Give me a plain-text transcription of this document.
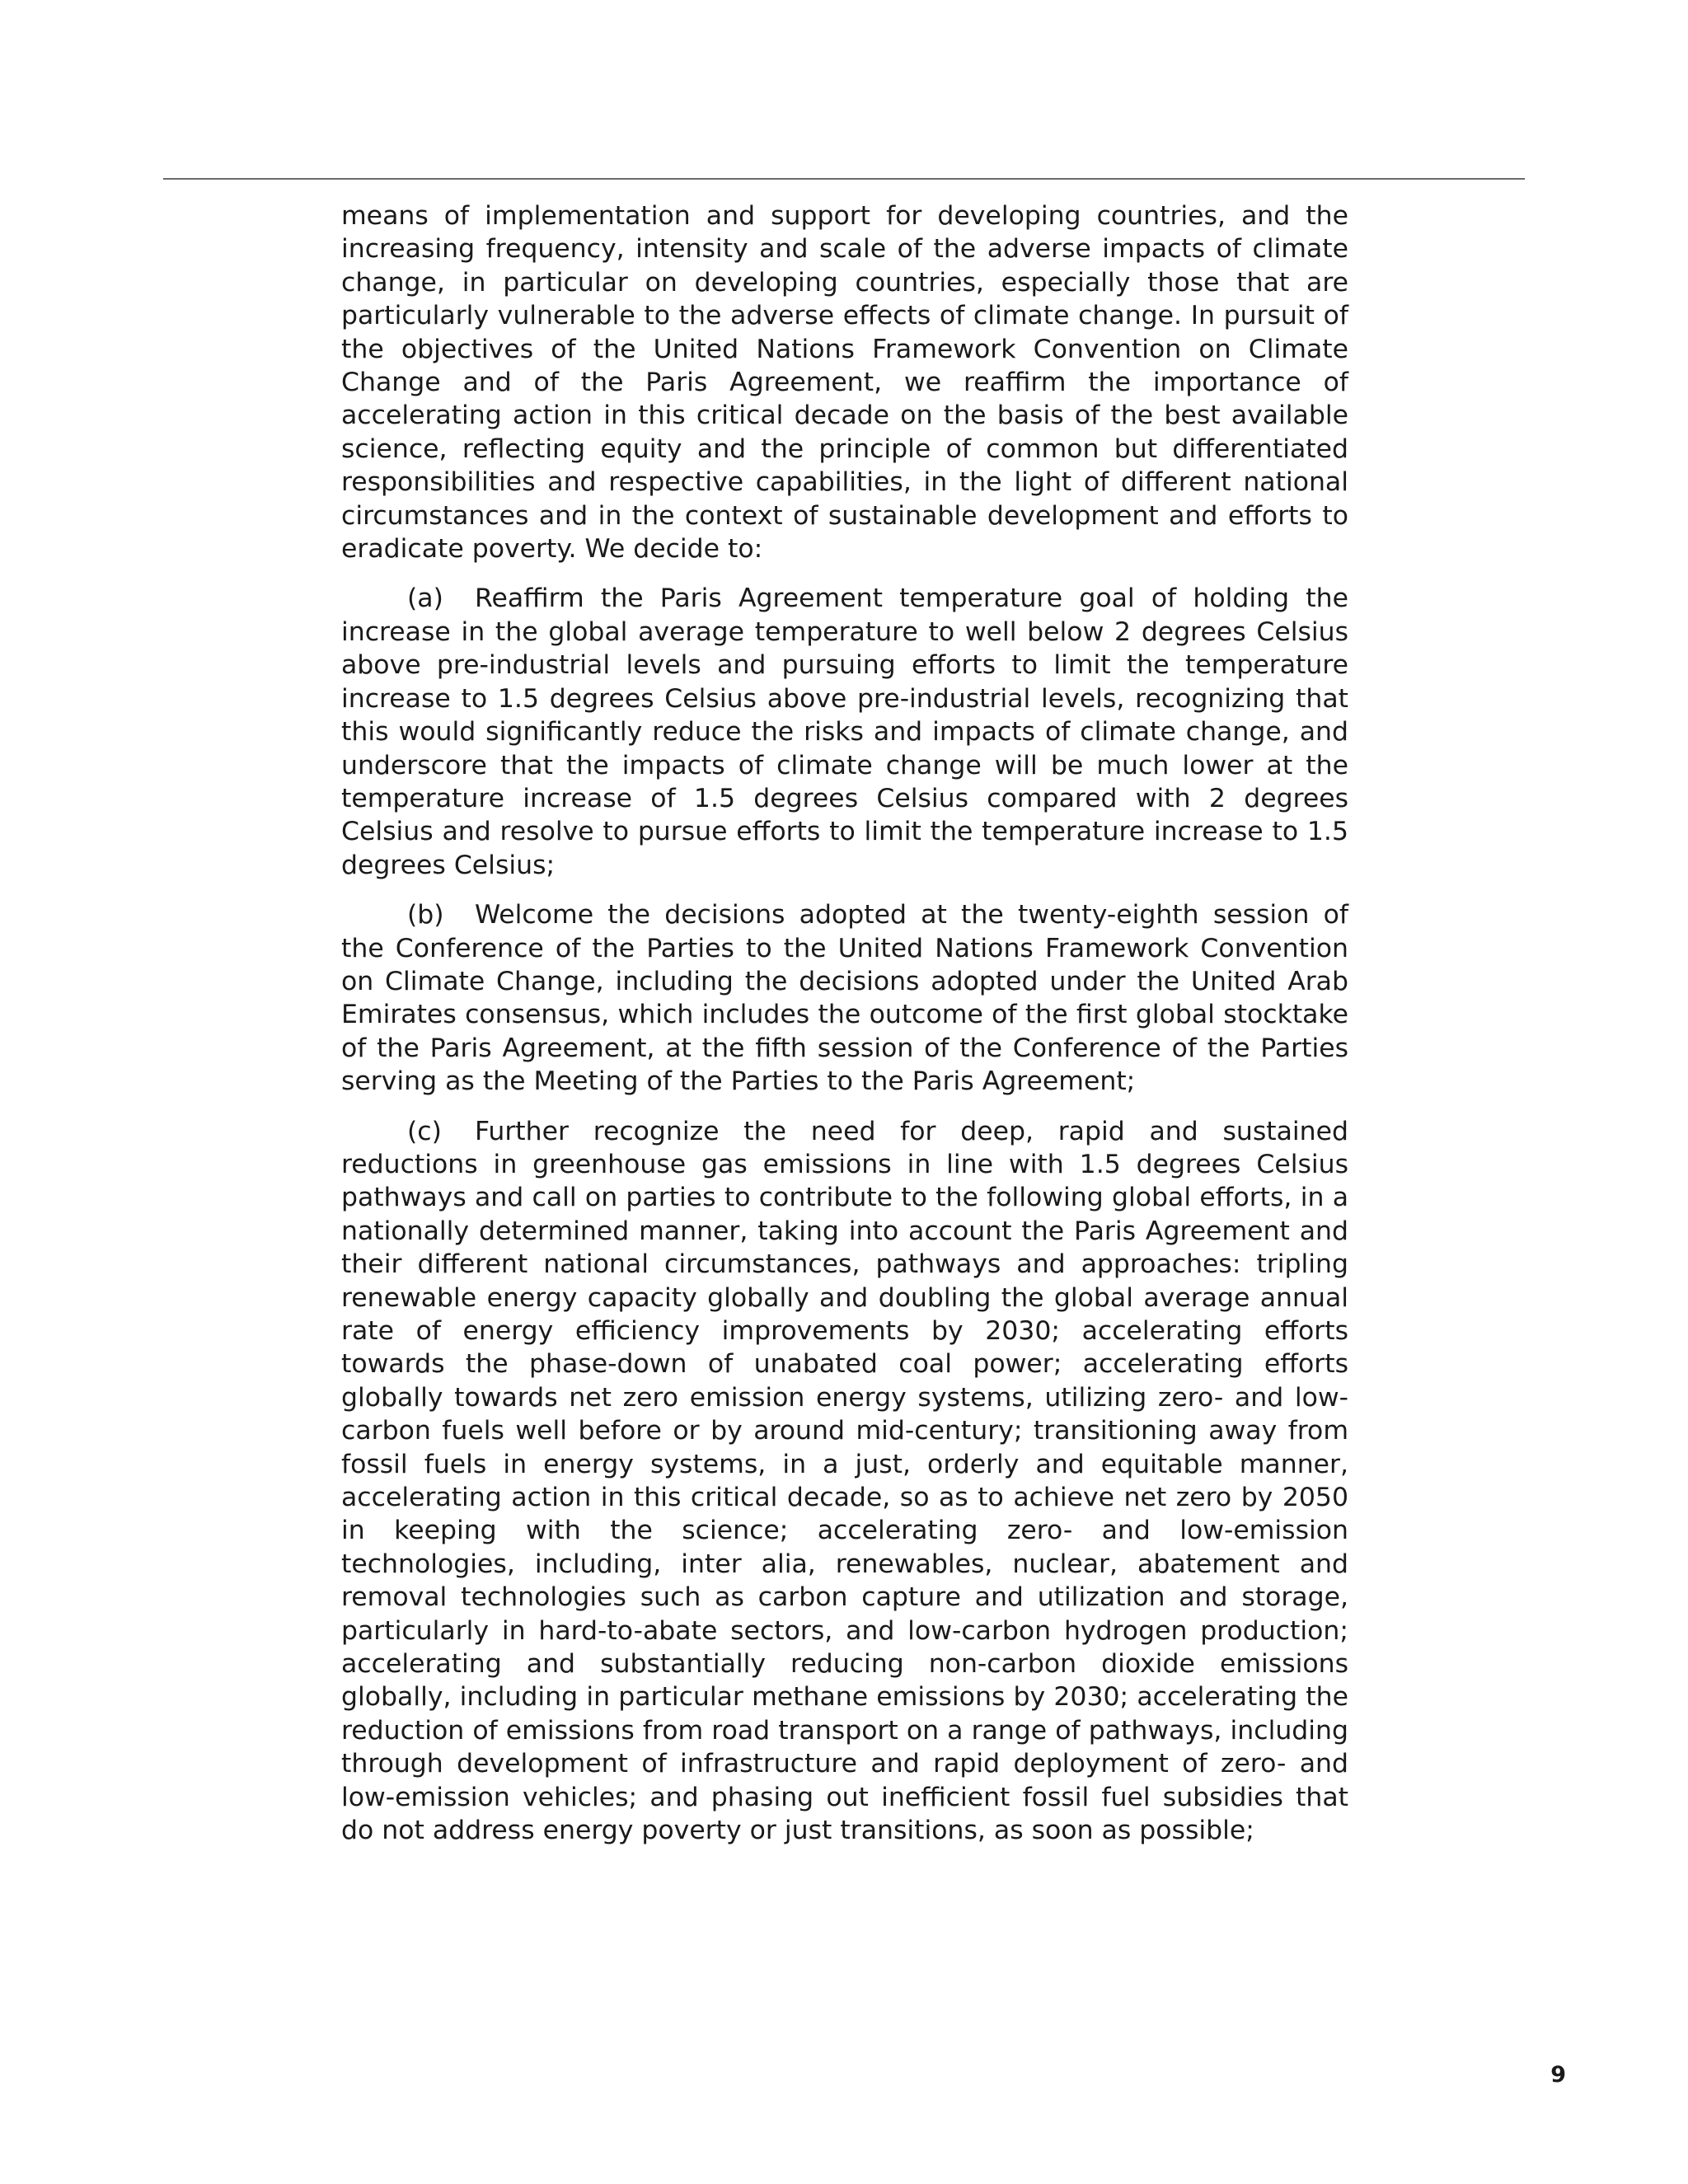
means of implementation and support for developing countries, and the increasing frequency, intensity and scale of the adverse impacts of climate change, in particular on developing countries, especially those that are particularly vulnerable to the adverse effects of climate change. In pursuit of the objectives of the United Nations Framework Convention on Climate Change and of the Paris Agreement, we reaffirm the importance of accelerating action in this critical decade on the basis of the best available science, reflecting equity and the principle of common but differentiated responsibilities and respective capabilities, in the light of different national circumstances and in the context of sustainable development and efforts to eradicate poverty. We decide to:

(a) Reaffirm the Paris Agreement temperature goal of holding the increase in the global average temperature to well below 2 degrees Celsius above pre-industrial levels and pursuing efforts to limit the temperature increase to 1.5 degrees Celsius above pre-industrial levels, recognizing that this would significantly reduce the risks and impacts of climate change, and underscore that the impacts of climate change will be much lower at the temperature increase of 1.5 degrees Celsius compared with 2 degrees Celsius and resolve to pursue efforts to limit the temperature increase to 1.5 degrees Celsius;

(b) Welcome the decisions adopted at the twenty-eighth session of the Conference of the Parties to the United Nations Framework Convention on Climate Change, including the decisions adopted under the United Arab Emirates consensus, which includes the outcome of the first global stocktake of the Paris Agreement, at the fifth session of the Conference of the Parties serving as the Meeting of the Parties to the Paris Agreement;

(c) Further recognize the need for deep, rapid and sustained reductions in greenhouse gas emissions in line with 1.5 degrees Celsius pathways and call on parties to contribute to the following global efforts, in a nationally determined manner, taking into account the Paris Agreement and their different national circumstances, pathways and approaches: tripling renewable energy capacity globally and doubling the global average annual rate of energy efficiency improvements by 2030; accelerating efforts towards the phase-down of unabated coal power; accelerating efforts globally towards net zero emission energy systems, utilizing zero- and low-carbon fuels well before or by around mid-century; transitioning away from fossil fuels in energy systems, in a just, orderly and equitable manner, accelerating action in this critical decade, so as to achieve net zero by 2050 in keeping with the science; accelerating zero- and low-emission technologies, including, inter alia, renewables, nuclear, abatement and removal technologies such as carbon capture and utilization and storage, particularly in hard-to-abate sectors, and low-carbon hydrogen production; accelerating and substantially reducing non-carbon dioxide emissions globally, including in particular methane emissions by 2030; accelerating the reduction of emissions from road transport on a range of pathways, including through development of infrastructure and rapid deployment of zero- and low-emission vehicles; and phasing out inefficient fossil fuel subsidies that do not address energy poverty or just transitions, as soon as possible;

9
